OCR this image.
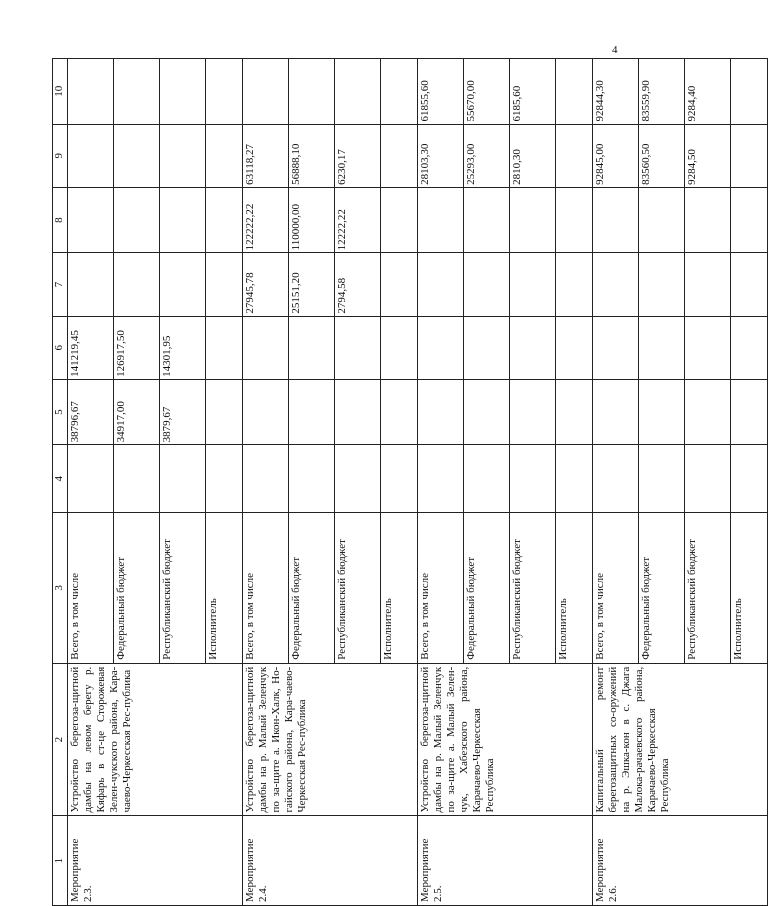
4
1	2	3	4	5	6	7	8	9	10
Мероприятие 2.3.	Устройство берегоза-щитной дамбы на левом берегу р. Кяфарь в ст-це Сторожевая Зелен-чукского района, Кара-чаево-Черкесская Рес-публика	Всего, в том числе		38796,67	141219,45				
		Федеральный бюджет		34917,00	126917,50				
		Республиканский бюджет		3879,67	14301,95				
		Исполнитель							
Мероприятие 2.4.	Устройство берегоза-щитной дамбы на р. Малый Зеленчук по за-щите а. Икон-Халк, Но-гайского района, Кара-чаево-Черкесская Рес-публика	Всего, в том числе				27945,78	122222,22	63118,27	
		Федеральный бюджет				25151,20	110000,00	56888,10	
		Республиканский бюджет				2794,58	12222,22	6230,17	
		Исполнитель							
Мероприятие 2.5.	Устройство берегоза-щитной дамбы на р. Малый Зеленчук по за-щите а. Малый Зелен-чук, Хабезского района, Карачаево-Черкесская Республика	Всего, в том числе						28103,30	61855,60
		Федеральный бюджет						25293,00	55670,00
		Республиканский бюджет						2810,30	6185,60
		Исполнитель							
Мероприятие 2.6.	Капитальный ремонт берегозащитных со-оружений на р. Эшка-кон в с. Джага Малока-рачаевского района, Карачаево-Черкесская Республика	Всего, в том числе						92845,00	92844,30
		Федеральный бюджет						83560,50	83559,90
		Республиканский бюджет						9284,50	9284,40
		Исполнитель							
